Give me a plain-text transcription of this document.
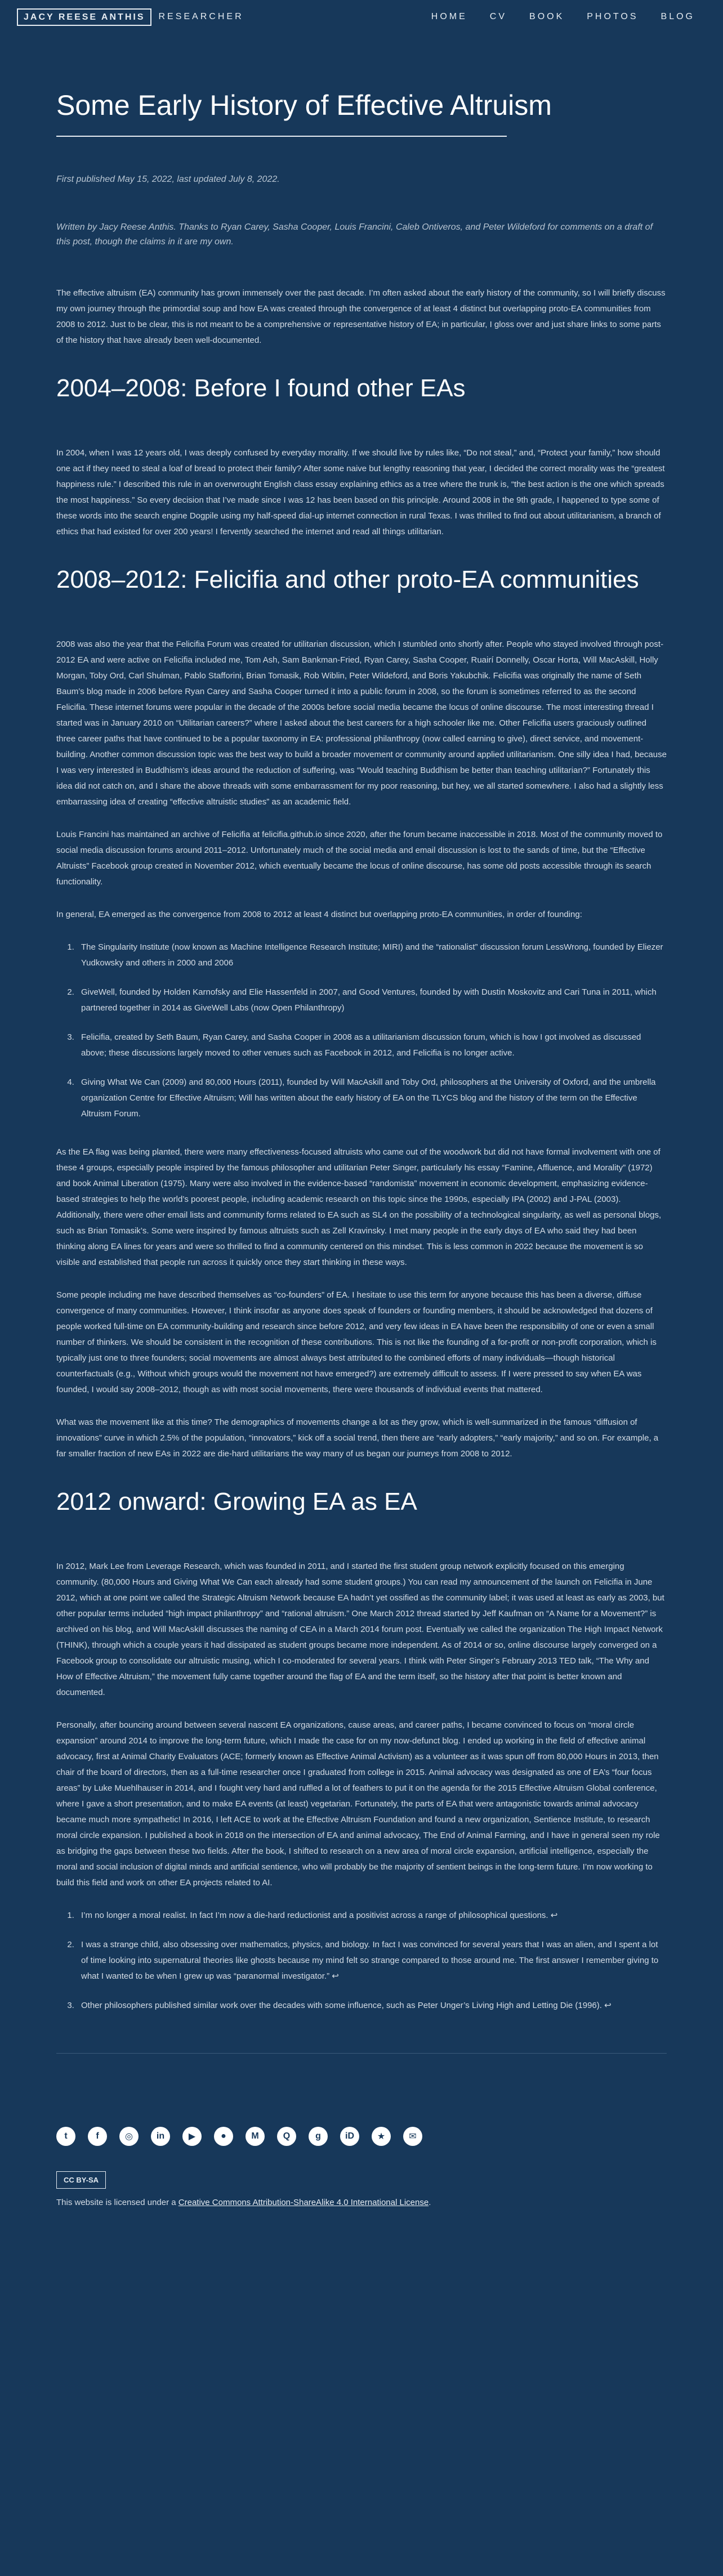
JACY REESE ANTHIS	RESEARCHER	HOME	CV	BOOK	PHOTOS	BLOG
Some Early History of Effective Altruism

First published May 15, 2022, last updated July 8, 2022.

Written by Jacy Reese Anthis. Thanks to Ryan Carey, Sasha Cooper, Louis Francini, Caleb Ontiveros, and Peter Wildeford for comments on a draft of this post, though the claims in it are my own.

The effective altruism (EA) community has grown immensely over the past decade. I’m often asked about the early history of the community, so I will briefly discuss my own journey through the primordial soup and how EA was created through the convergence of at least 4 distinct but overlapping proto-EA communities from 2008 to 2012. Just to be clear, this is not meant to be a comprehensive or representative history of EA; in particular, I gloss over and just share links to some parts of the history that have already been well-documented.

2004–2008: Before I found other EAs

In 2004, when I was 12 years old, I was deeply confused by everyday morality. If we should live by rules like, “Do not steal,” and, “Protect your family,” how should one act if they need to steal a loaf of bread to protect their family? After some naive but lengthy reasoning that year, I decided the correct morality was the “greatest happiness rule.” I described this rule in an overwrought English class essay explaining ethics as a tree where the trunk is, “the best action is the one which spreads the most happiness.” So every decision that I’ve made since I was 12 has been based on this principle. Around 2008 in the 9th grade, I happened to type some of these words into the search engine Dogpile using my half-speed dial-up internet connection in rural Texas. I was thrilled to find out about utilitarianism, a branch of ethics that had existed for over 200 years! I fervently searched the internet and read all things utilitarian.

2008–2012: Felicifia and other proto-EA communities

2008 was also the year that the Felicifia Forum was created for utilitarian discussion, which I stumbled onto shortly after. People who stayed involved through post-2012 EA and were active on Felicifia included me, Tom Ash, Sam Bankman-Fried, Ryan Carey, Sasha Cooper, Ruairí Donnelly, Oscar Horta, Will MacAskill, Holly Morgan, Toby Ord, Carl Shulman, Pablo Stafforini, Brian Tomasik, Rob Wiblin, Peter Wildeford, and Boris Yakubchik. Felicifia was originally the name of Seth Baum’s blog made in 2006 before Ryan Carey and Sasha Cooper turned it into a public forum in 2008, so the forum is sometimes referred to as the second Felicifia. These internet forums were popular in the decade of the 2000s before social media became the locus of online discourse. The most interesting thread I started was in January 2010 on “Utilitarian careers?” where I asked about the best careers for a high schooler like me. Other Felicifia users graciously outlined three career paths that have continued to be a popular taxonomy in EA: professional philanthropy (now called earning to give), direct service, and movement-building. Another common discussion topic was the best way to build a broader movement or community around applied utilitarianism. One silly idea I had, because I was very interested in Buddhism’s ideas around the reduction of suffering, was “Would teaching Buddhism be better than teaching utilitarian?” Fortunately this idea did not catch on, and I share the above threads with some embarrassment for my poor reasoning, but hey, we all started somewhere. I also had a slightly less embarrassing idea of creating “effective altruistic studies” as an academic field.

Louis Francini has maintained an archive of Felicifia at felicifia.github.io since 2020, after the forum became inaccessible in 2018. Most of the community moved to social media discussion forums around 2011–2012. Unfortunately much of the social media and email discussion is lost to the sands of time, but the “Effective Altruists” Facebook group created in November 2012, which eventually became the locus of online discourse, has some old posts accessible through its search functionality.

In general, EA emerged as the convergence from 2008 to 2012 at least 4 distinct but overlapping proto-EA communities, in order of founding:

1. The Singularity Institute (now known as Machine Intelligence Research Institute; MIRI) and the “rationalist” discussion forum LessWrong, founded by Eliezer Yudkowsky and others in 2000 and 2006
2. GiveWell, founded by Holden Karnofsky and Elie Hassenfeld in 2007, and Good Ventures, founded by with Dustin Moskovitz and Cari Tuna in 2011, which partnered together in 2014 as GiveWell Labs (now Open Philanthropy)
3. Felicifia, created by Seth Baum, Ryan Carey, and Sasha Cooper in 2008 as a utilitarianism discussion forum, which is how I got involved as discussed above; these discussions largely moved to other venues such as Facebook in 2012, and Felicifia is no longer active.
4. Giving What We Can (2009) and 80,000 Hours (2011), founded by Will MacAskill and Toby Ord, philosophers at the University of Oxford, and the umbrella organization Centre for Effective Altruism; Will has written about the early history of EA on the TLYCS blog and the history of the term on the Effective Altruism Forum.

As the EA flag was being planted, there were many effectiveness-focused altruists who came out of the woodwork but did not have formal involvement with one of these 4 groups, especially people inspired by the famous philosopher and utilitarian Peter Singer, particularly his essay “Famine, Affluence, and Morality” (1972) and book Animal Liberation (1975). Many were also involved in the evidence-based “randomista” movement in economic development, emphasizing evidence-based strategies to help the world’s poorest people, including academic research on this topic since the 1990s, especially IPA (2002) and J-PAL (2003). Additionally, there were other email lists and community forms related to EA such as SL4 on the possibility of a technological singularity, as well as personal blogs, such as Brian Tomasik’s. Some were inspired by famous altruists such as Zell Kravinsky. I met many people in the early days of EA who said they had been thinking along EA lines for years and were so thrilled to find a community centered on this mindset. This is less common in 2022 because the movement is so visible and established that people run across it quickly once they start thinking in these ways.

Some people including me have described themselves as “co-founders” of EA. I hesitate to use this term for anyone because this has been a diverse, diffuse convergence of many communities. However, I think insofar as anyone does speak of founders or founding members, it should be acknowledged that dozens of people worked full-time on EA community-building and research since before 2012, and very few ideas in EA have been the responsibility of one or even a small number of thinkers. We should be consistent in the recognition of these contributions. This is not like the founding of a for-profit or non-profit corporation, which is typically just one to three founders; social movements are almost always best attributed to the combined efforts of many individuals—though historical counterfactuals (e.g., Without which groups would the movement not have emerged?) are extremely difficult to assess. If I were pressed to say when EA was founded, I would say 2008–2012, though as with most social movements, there were thousands of individual events that mattered.

What was the movement like at this time? The demographics of movements change a lot as they grow, which is well-summarized in the famous “diffusion of innovations” curve in which 2.5% of the population, “innovators,” kick off a social trend, then there are “early adopters,” “early majority,” and so on. For example, a far smaller fraction of new EAs in 2022 are die-hard utilitarians the way many of us began our journeys from 2008 to 2012.

2012 onward: Growing EA as EA

In 2012, Mark Lee from Leverage Research, which was founded in 2011, and I started the first student group network explicitly focused on this emerging community. (80,000 Hours and Giving What We Can each already had some student groups.) You can read my announcement of the launch on Felicifia in June 2012, which at one point we called the Strategic Altruism Network because EA hadn’t yet ossified as the community label; it was used at least as early as 2003, but other popular terms included “high impact philanthropy” and “rational altruism.” One March 2012 thread started by Jeff Kaufman on “A Name for a Movement?” is archived on his blog, and Will MacAskill discusses the naming of CEA in a March 2014 forum post. Eventually we called the organization The High Impact Network (THINK), through which a couple years it had dissipated as student groups became more independent. As of 2014 or so, online discourse largely converged on a Facebook group to consolidate our altruistic musing, which I co-moderated for several years. I think with Peter Singer’s February 2013 TED talk, “The Why and How of Effective Altruism,” the movement fully came together around the flag of EA and the term itself, so the history after that point is better known and documented.

Personally, after bouncing around between several nascent EA organizations, cause areas, and career paths, I became convinced to focus on “moral circle expansion” around 2014 to improve the long-term future, which I made the case for on my now-defunct blog. I ended up working in the field of effective animal advocacy, first at Animal Charity Evaluators (ACE; formerly known as Effective Animal Activism) as a volunteer as it was spun off from 80,000 Hours in 2013, then chair of the board of directors, then as a full-time researcher once I graduated from college in 2015. Animal advocacy was designated as one of EA’s “four focus areas” by Luke Muehlhauser in 2014, and I fought very hard and ruffled a lot of feathers to put it on the agenda for the 2015 Effective Altruism Global conference, where I gave a short presentation, and to make EA events (at least) vegetarian. Fortunately, the parts of EA that were antagonistic towards animal advocacy became much more sympathetic! In 2016, I left ACE to work at the Effective Altruism Foundation and found a new organization, Sentience Institute, to research moral circle expansion. I published a book in 2018 on the intersection of EA and animal advocacy, The End of Animal Farming, and I have in general seen my role as bridging the gaps between these two fields. After the book, I shifted to research on a new area of moral circle expansion, artificial intelligence, especially the moral and social inclusion of digital minds and artificial sentience, who will probably be the majority of sentient beings in the long-term future. I’m now working to build this field and work on other EA projects related to AI.

1. I’m no longer a moral realist. In fact I’m now a die-hard reductionist and a positivist across a range of philosophical questions. ↩
2. I was a strange child, also obsessing over mathematics, physics, and biology. In fact I was convinced for several years that I was an alien, and I spent a lot of time looking into supernatural theories like ghosts because my mind felt so strange compared to those around me. The first answer I remember giving to what I wanted to be when I grew up was “paranormal investigator.” ↩
3. Other philosophers published similar work over the decades with some influence, such as Peter Unger’s Living High and Letting Die (1996). ↩
t	f	◎	in	▶	●	M	Q	g	iD	★	✉
CC BY-SA

This website is licensed under a Creative Commons Attribution-ShareAlike 4.0 International License.
